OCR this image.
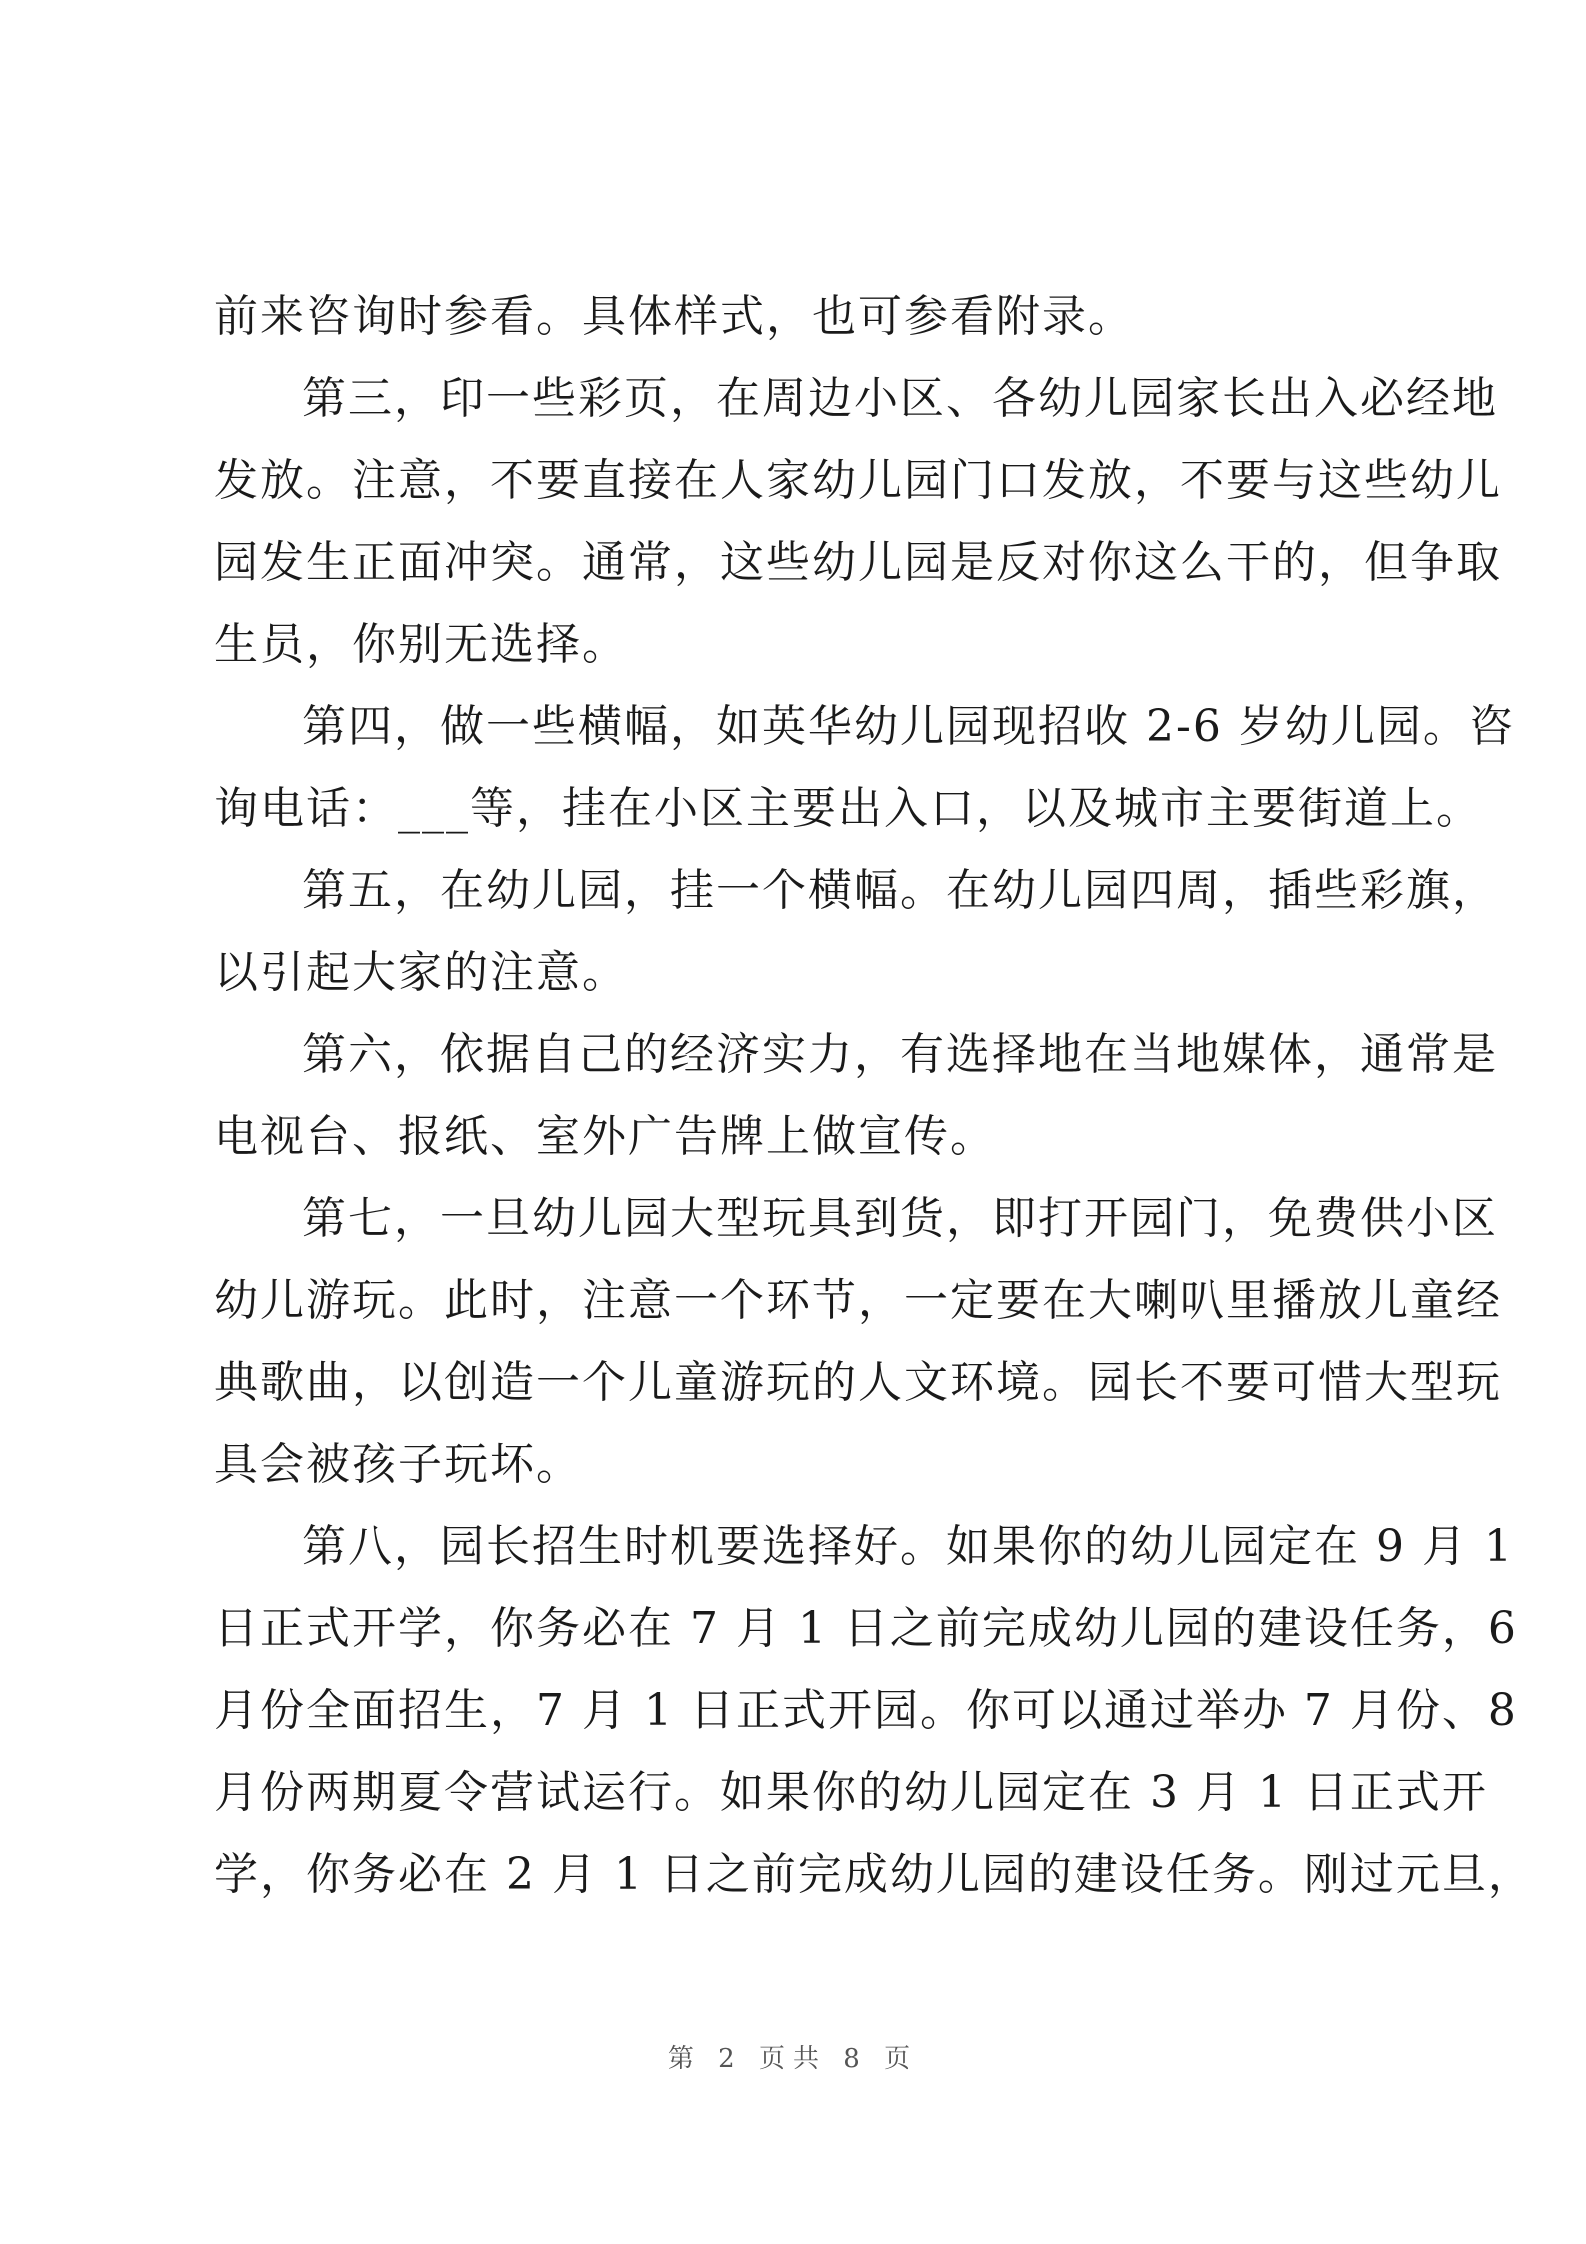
前来咨询时参看。具体样式，也可参看附录。
第三，印一些彩页，在周边小区、各幼儿园家长出入必经地
发放。注意，不要直接在人家幼儿园门口发放，不要与这些幼儿
园发生正面冲突。通常，这些幼儿园是反对你这么干的，但争取
生员，你别无选择。
第四，做一些横幅，如英华幼儿园现招收 2-6 岁幼儿园。咨
询电话：___等，挂在小区主要出入口，以及城市主要街道上。
第五，在幼儿园，挂一个横幅。在幼儿园四周，插些彩旗，
以引起大家的注意。
第六，依据自己的经济实力，有选择地在当地媒体，通常是
电视台、报纸、室外广告牌上做宣传。
第七，一旦幼儿园大型玩具到货，即打开园门，免费供小区
幼儿游玩。此时，注意一个环节，一定要在大喇叭里播放儿童经
典歌曲，以创造一个儿童游玩的人文环境。园长不要可惜大型玩
具会被孩子玩坏。
第八，园长招生时机要选择好。如果你的幼儿园定在 9 月 1
日正式开学，你务必在 7 月 1 日之前完成幼儿园的建设任务，6
月份全面招生，7 月 1 日正式开园。你可以通过举办 7 月份、8
月份两期夏令营试运行。如果你的幼儿园定在 3 月 1 日正式开
学，你务必在 2 月 1 日之前完成幼儿园的建设任务。刚过元旦，
第 2 页共 8 页
